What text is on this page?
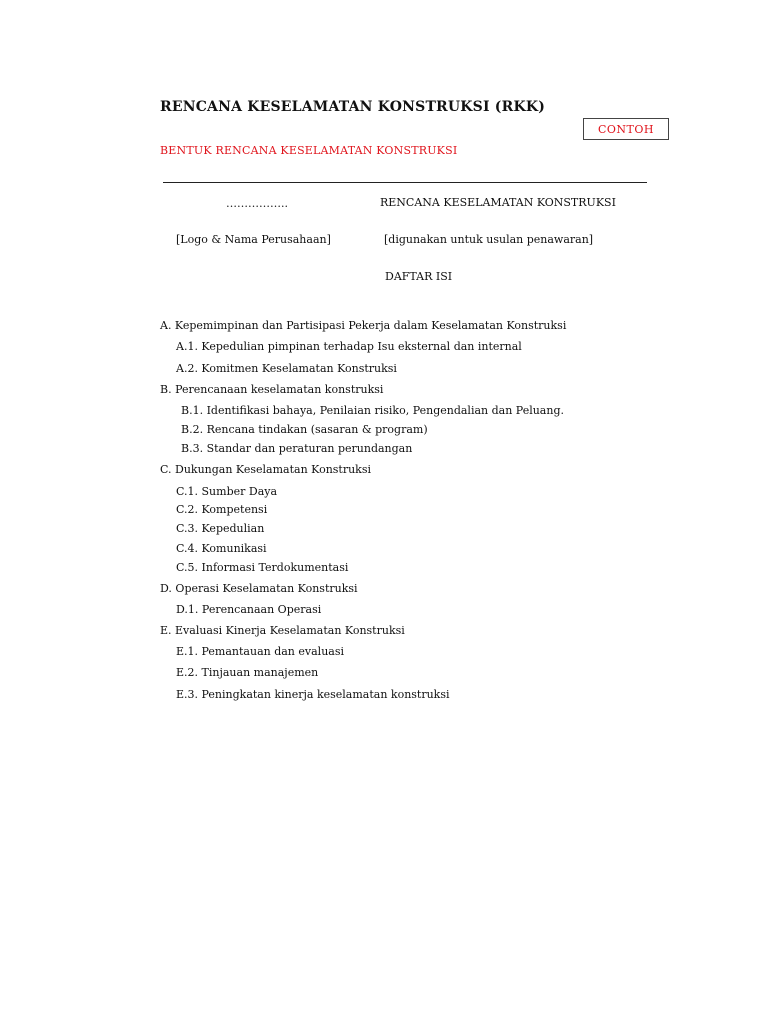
RENCANA KESELAMATAN KONSTRUKSI (RKK)
CONTOH
BENTUK RENCANA KESELAMATAN KONSTRUKSI
……………..	RENCANA KESELAMATAN KONSTRUKSI
[Logo & Nama Perusahaan]	[digunakan untuk usulan penawaran]
DAFTAR ISI
A. Kepemimpinan dan Partisipasi Pekerja dalam Keselamatan Konstruksi
A.1. Kepedulian pimpinan terhadap Isu eksternal dan internal
A.2. Komitmen Keselamatan Konstruksi
B. Perencanaan keselamatan konstruksi
B.1. Identifikasi bahaya, Penilaian risiko, Pengendalian dan Peluang.
B.2. Rencana tindakan (sasaran & program)
B.3. Standar dan peraturan perundangan
C. Dukungan Keselamatan Konstruksi
C.1. Sumber Daya
C.2. Kompetensi
C.3. Kepedulian
C.4. Komunikasi
C.5. Informasi Terdokumentasi
D. Operasi Keselamatan Konstruksi
D.1. Perencanaan Operasi
E. Evaluasi Kinerja Keselamatan Konstruksi
E.1. Pemantauan dan evaluasi
E.2. Tinjauan manajemen
E.3. Peningkatan kinerja keselamatan konstruksi
